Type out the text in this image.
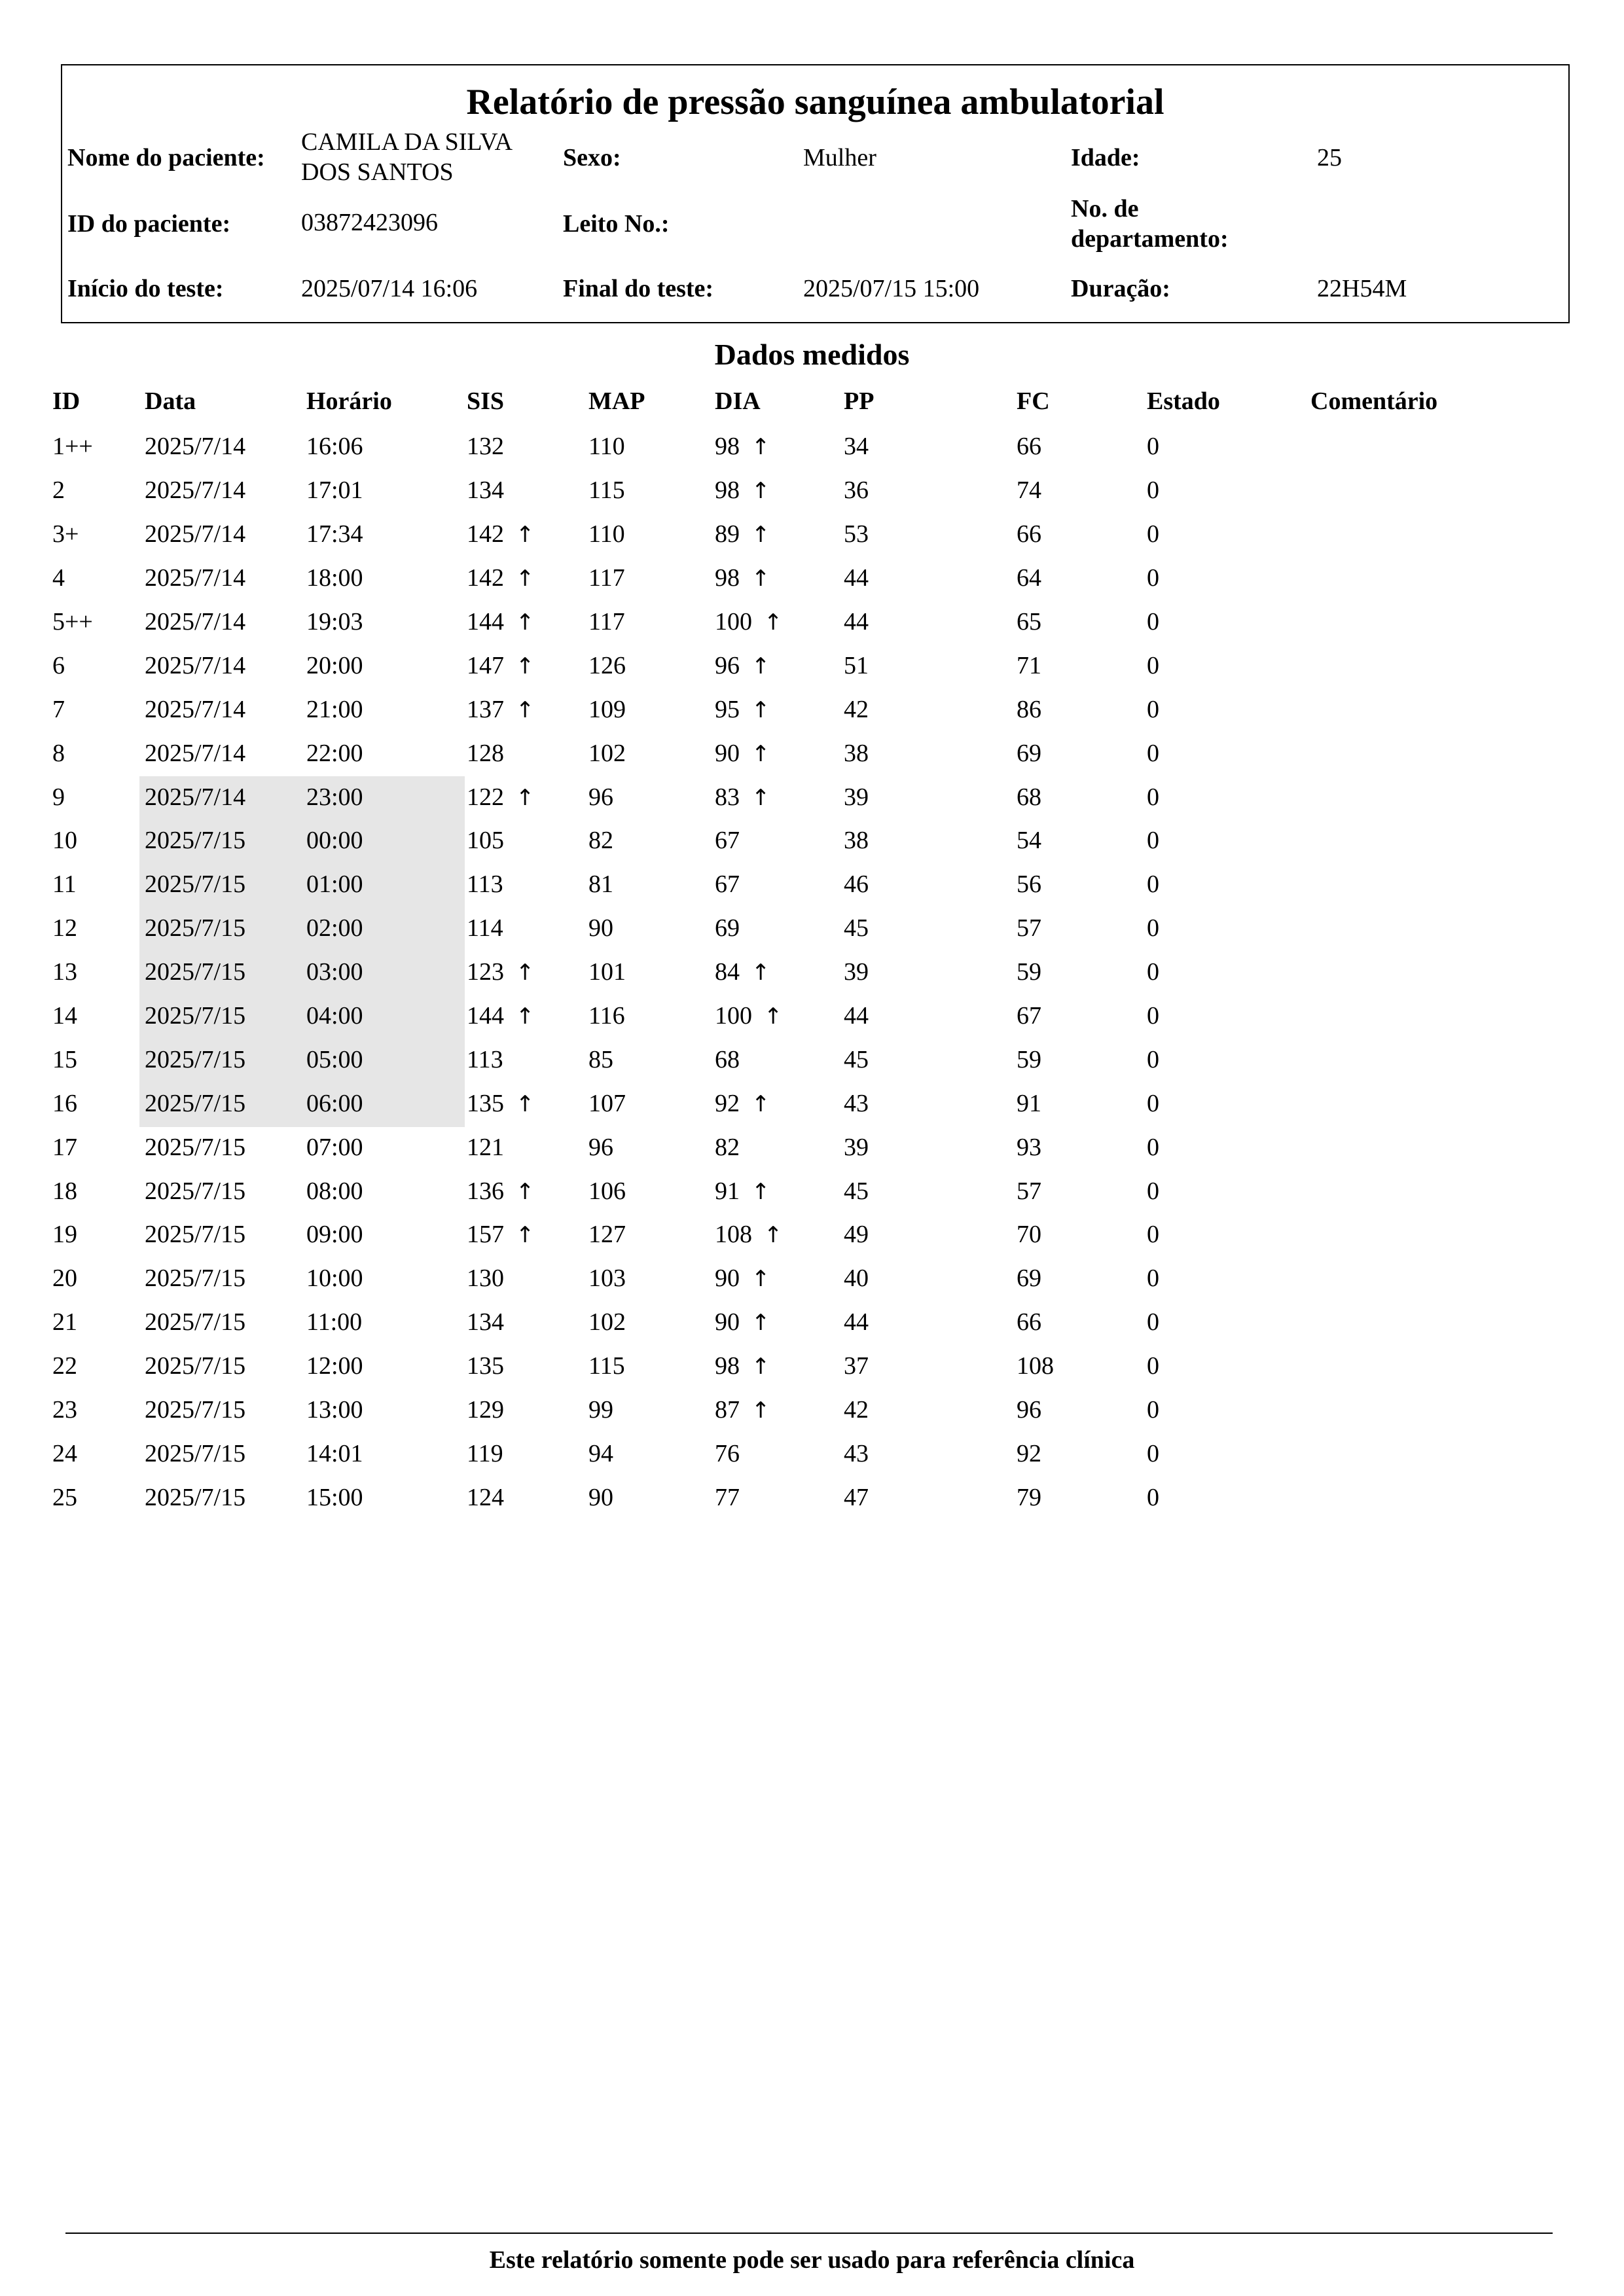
Relatório de pressão sanguínea ambulatorial
Nome do paciente:
CAMILA DA SILVA
DOS SANTOS
Sexo:	Mulher	Idade:	25
ID do paciente:	03872423096	Leito No.:
No. de
departamento:
Início do teste:	2025/07/14 16:06	Final do teste:	2025/07/15 15:00	Duração:	22H54M
Dados medidos
ID	Data	Horário	SIS	MAP	DIA	PP	FC	Estado	Comentário
1++	2025/7/14	16:06	132	110	98 ↑	34	66	0	
2	2025/7/14	17:01	134	115	98 ↑	36	74	0	
3+	2025/7/14	17:34	142 ↑	110	89 ↑	53	66	0	
4	2025/7/14	18:00	142 ↑	117	98 ↑	44	64	0	
5++	2025/7/14	19:03	144 ↑	117	100 ↑	44	65	0	
6	2025/7/14	20:00	147 ↑	126	96 ↑	51	71	0	
7	2025/7/14	21:00	137 ↑	109	95 ↑	42	86	0	
8	2025/7/14	22:00	128	102	90 ↑	38	69	0	
9	2025/7/14	23:00	122 ↑	96	83 ↑	39	68	0	
10	2025/7/15	00:00	105	82	67	38	54	0	
11	2025/7/15	01:00	113	81	67	46	56	0	
12	2025/7/15	02:00	114	90	69	45	57	0	
13	2025/7/15	03:00	123 ↑	101	84 ↑	39	59	0	
14	2025/7/15	04:00	144 ↑	116	100 ↑	44	67	0	
15	2025/7/15	05:00	113	85	68	45	59	0	
16	2025/7/15	06:00	135 ↑	107	92 ↑	43	91	0	
17	2025/7/15	07:00	121	96	82	39	93	0	
18	2025/7/15	08:00	136 ↑	106	91 ↑	45	57	0	
19	2025/7/15	09:00	157 ↑	127	108 ↑	49	70	0	
20	2025/7/15	10:00	130	103	90 ↑	40	69	0	
21	2025/7/15	11:00	134	102	90 ↑	44	66	0	
22	2025/7/15	12:00	135	115	98 ↑	37	108	0	
23	2025/7/15	13:00	129	99	87 ↑	42	96	0	
24	2025/7/15	14:01	119	94	76	43	92	0	
25	2025/7/15	15:00	124	90	77	47	79	0	
Este relatório somente pode ser usado para referência clínica
